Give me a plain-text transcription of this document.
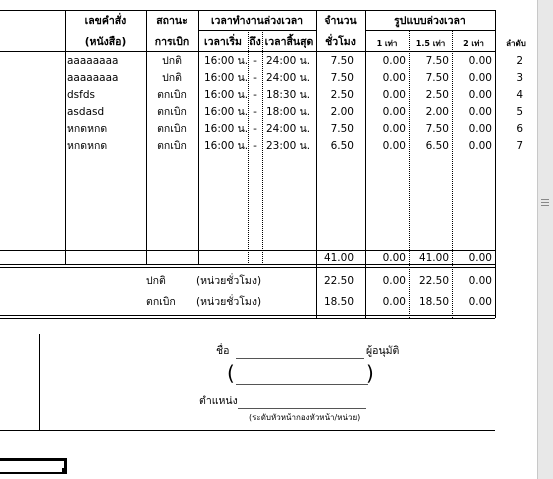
เลขคำสั่ง
(หนังสือ)
สถานะ
การเบิก
เวลาทำงานล่วงเวลา
เวลาเริ่ม ถึง เวลาสิ้นสุด
จำนวน
ชั่วโมง
รูปแบบล่วงเวลา
1 เท่า	1.5 เท่า	2 เท่า	ลำดับ
aaaaaaaa	ปกติ	16:00 น. - 24:00 น.	7.50	0.00	7.50	0.00	2
aaaaaaaa	ปกติ	16:00 น. - 24:00 น.	7.50	0.00	7.50	0.00	3
dsfds	ตกเบิก	16:00 น. - 18:30 น.	2.50	0.00	2.50	0.00	4
asdasd	ตกเบิก	16:00 น. - 18:00 น.	2.00	0.00	2.00	0.00	5
หกดหกด	ตกเบิก	16:00 น. - 24:00 น.	7.50	0.00	7.50	0.00	6
หกดหกด	ตกเบิก	16:00 น. - 23:00 น.	6.50	0.00	6.50	0.00	7
41.00	0.00	41.00	0.00
ปกติ	(หน่วยชั่วโมง)	22.50	0.00	22.50	0.00
ตกเบิก (หน่วยชั่วโมง)	18.50	0.00	18.50	0.00
ชื่อ	ผู้อนุมัติ
(	)
ตำแหน่ง
(ระดับหัวหน้ากองหัวหน้า/หน่วย)
